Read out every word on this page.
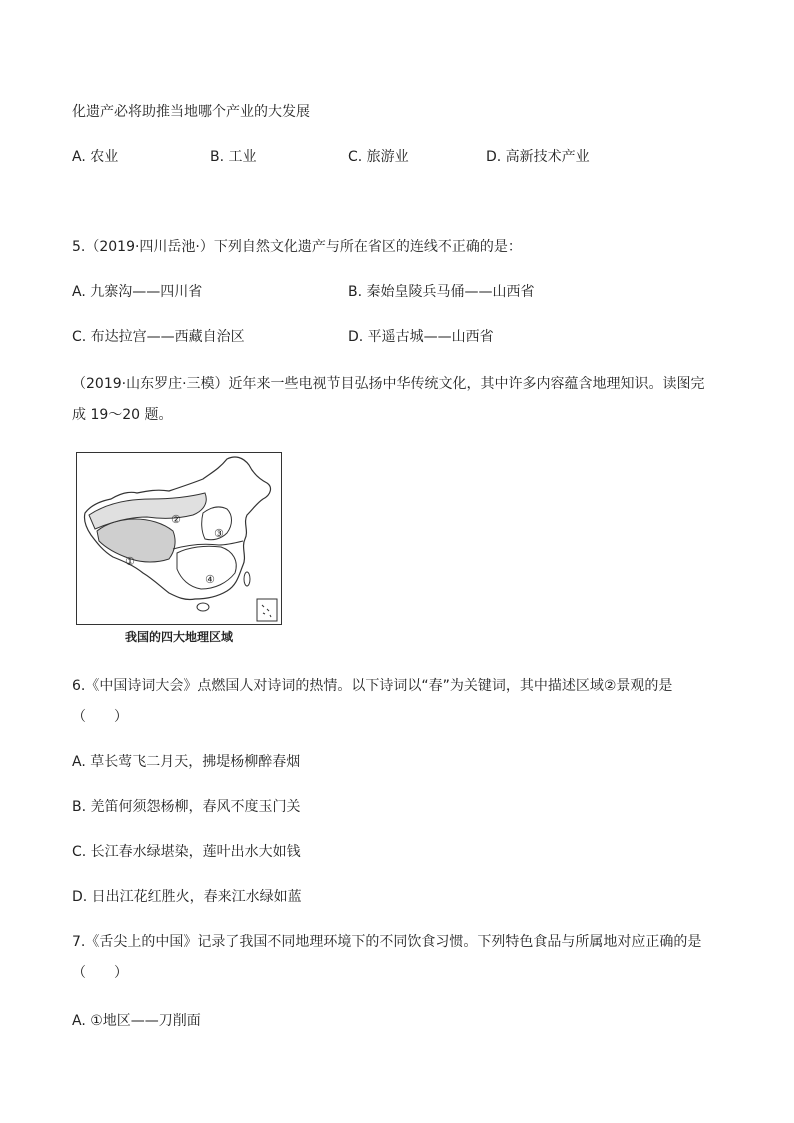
化遗产必将助推当地哪个产业的大发展
A. 农业	B. 工业	C. 旅游业	D. 高新技术产业
5.（2019·四川岳池·）下列自然文化遗产与所在省区的连线不正确的是：
A. 九寨沟——四川省	B. 秦始皇陵兵马俑——山西省
C. 布达拉宫——西藏自治区	D. 平遥古城——山西省
（2019·山东罗庄·三模）近年来一些电视节目弘扬中华传统文化，其中许多内容蕴含地理知识。读图完
成 19～20 题。
①
②
③
④
我国的四大地理区域
6.《中国诗词大会》点燃国人对诗词的热情。以下诗词以“春”为关键词，其中描述区域②景观的是
（　　）
A. 草长莺飞二月天，拂堤杨柳醉春烟
B. 羌笛何须怨杨柳，春风不度玉门关
C. 长江春水绿堪染，莲叶出水大如钱
D. 日出江花红胜火，春来江水绿如蓝
7.《舌尖上的中国》记录了我国不同地理环境下的不同饮食习惯。下列特色食品与所属地对应正确的是
（　　）
A. ①地区——刀削面
